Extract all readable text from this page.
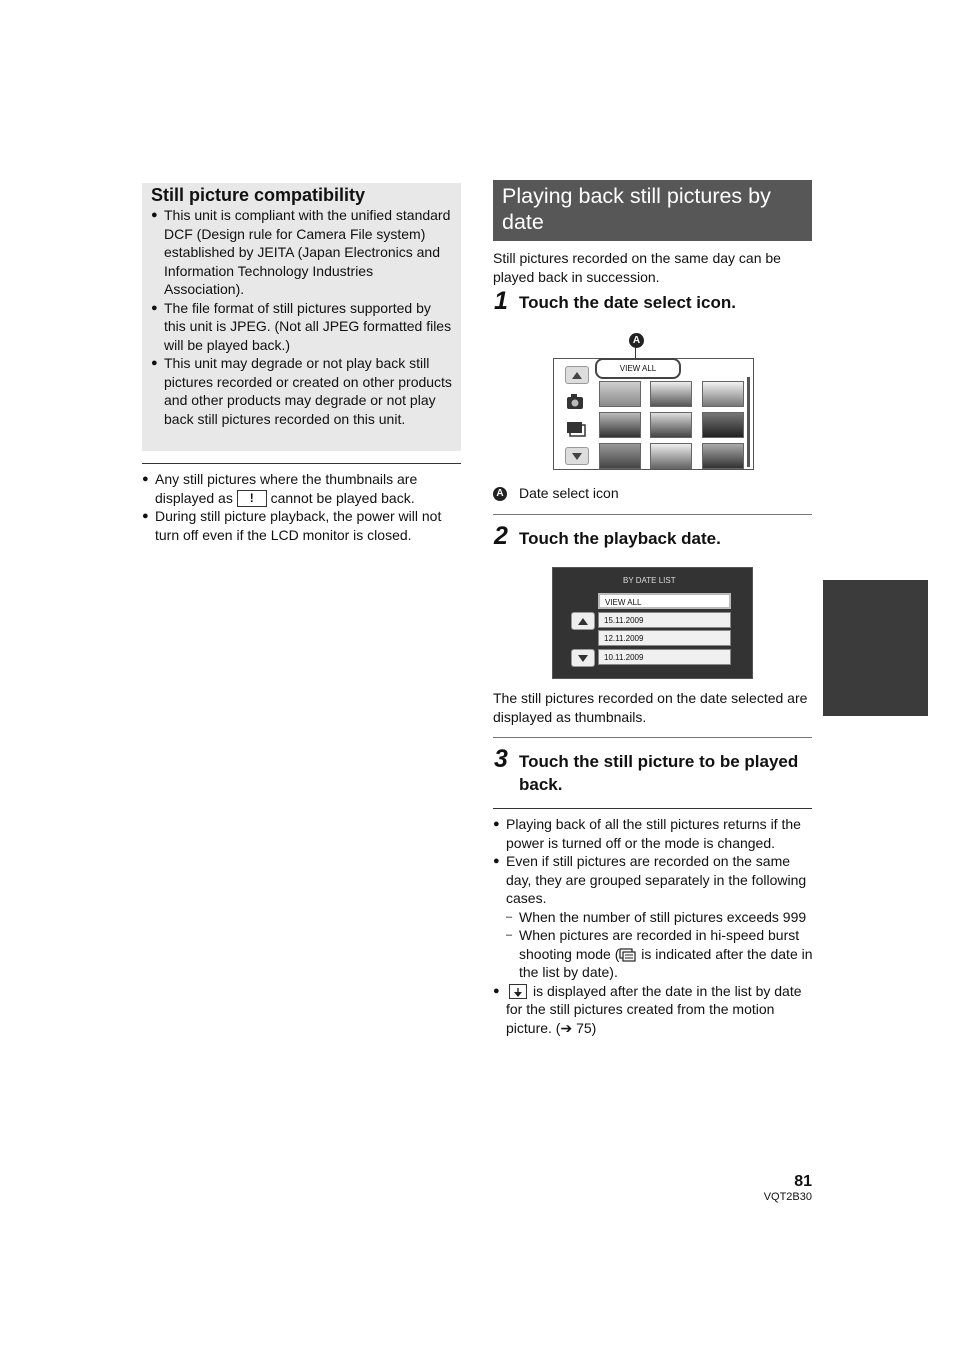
Still picture compatibility
● This unit is compliant with the unified standard DCF (Design rule for Camera File system) established by JEITA (Japan Electronics and Information Technology Industries Association).
● The file format of still pictures supported by this unit is JPEG. (Not all JPEG formatted files will be played back.)
● This unit may degrade or not play back still pictures recorded or created on other products and other products may degrade or not play back still pictures recorded on this unit.
● Any still pictures where the thumbnails are displayed as ! cannot be played back.
● During still picture playback, the power will not turn off even if the LCD monitor is closed.
Playing back still pictures by date
Still pictures recorded on the same day can be played back in succession.
1 Touch the date select icon.
A
VIEW ALL
A Date select icon
2 Touch the playback date.
BY DATE LIST
VIEW ALL
15.11.2009
12.11.2009
10.11.2009
The still pictures recorded on the date selected are displayed as thumbnails.
3 Touch the still picture to be played back.
● Playing back of all the still pictures returns if the power is turned off or the mode is changed.
● Even if still pictures are recorded on the same day, they are grouped separately in the following cases.
– When the number of still pictures exceeds 999
– When pictures are recorded in hi-speed burst shooting mode ( is indicated after the date in the list by date).
● is displayed after the date in the list by date for the still pictures created from the motion picture. (➔ 75)
81
VQT2B30
